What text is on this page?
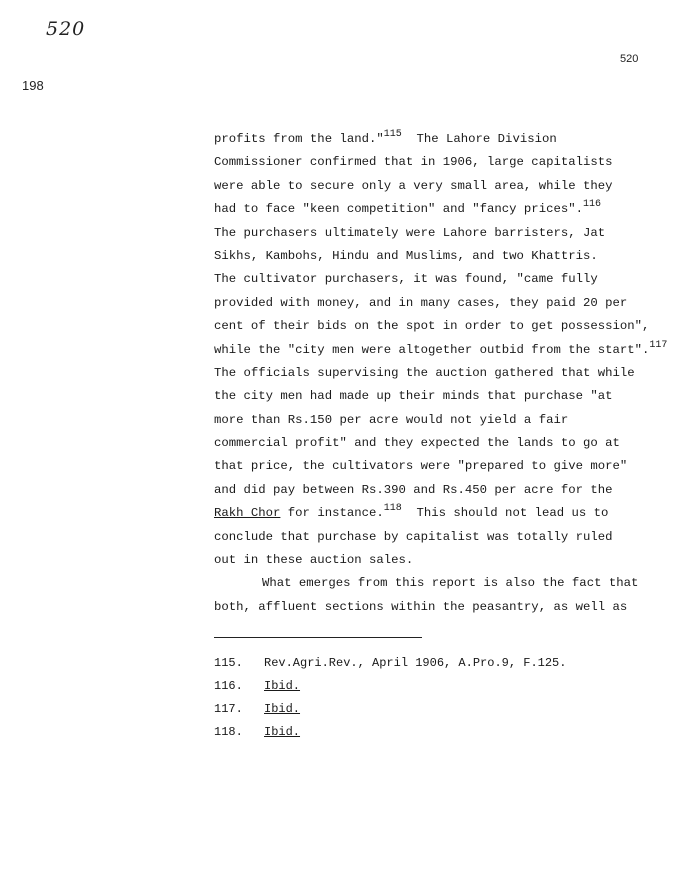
520
198
520
profits from the land."$^{115}$  The Lahore Division
Commissioner confirmed that in 1906, large capitalists
were able to secure only a very small area, while they
had to face "keen competition" and "fancy prices".$^{116}$
The purchasers ultimately were Lahore barristers, Jat
Sikhs, Kambohs, Hindu and Muslims, and two Khattris.
The cultivator purchasers, it was found, "came fully
provided with money, and in many cases, they paid 20 per
cent of their bids on the spot in order to get possession",
while the "city men were altogether outbid from the start".$^{117}$
The officials supervising the auction gathered that while
the city men had made up their minds that purchase "at
more than Rs.150 per acre would not yield a fair
commercial profit" and they expected the lands to go at
that price, the cultivators were "prepared to give more"
and did pay between Rs.390 and Rs.450 per acre for the
Rakh Chor for instance.$^{118}$  This should not lead us to
conclude that purchase by capitalist was totally ruled
out in these auction sales.
What emerges from this report is also the fact that
both, affluent sections within the peasantry, as well as
115. Rev.Agri.Rev., April 1906, A.Pro.9, F.125.
116. Ibid.
117. Ibid.
118. Ibid.
